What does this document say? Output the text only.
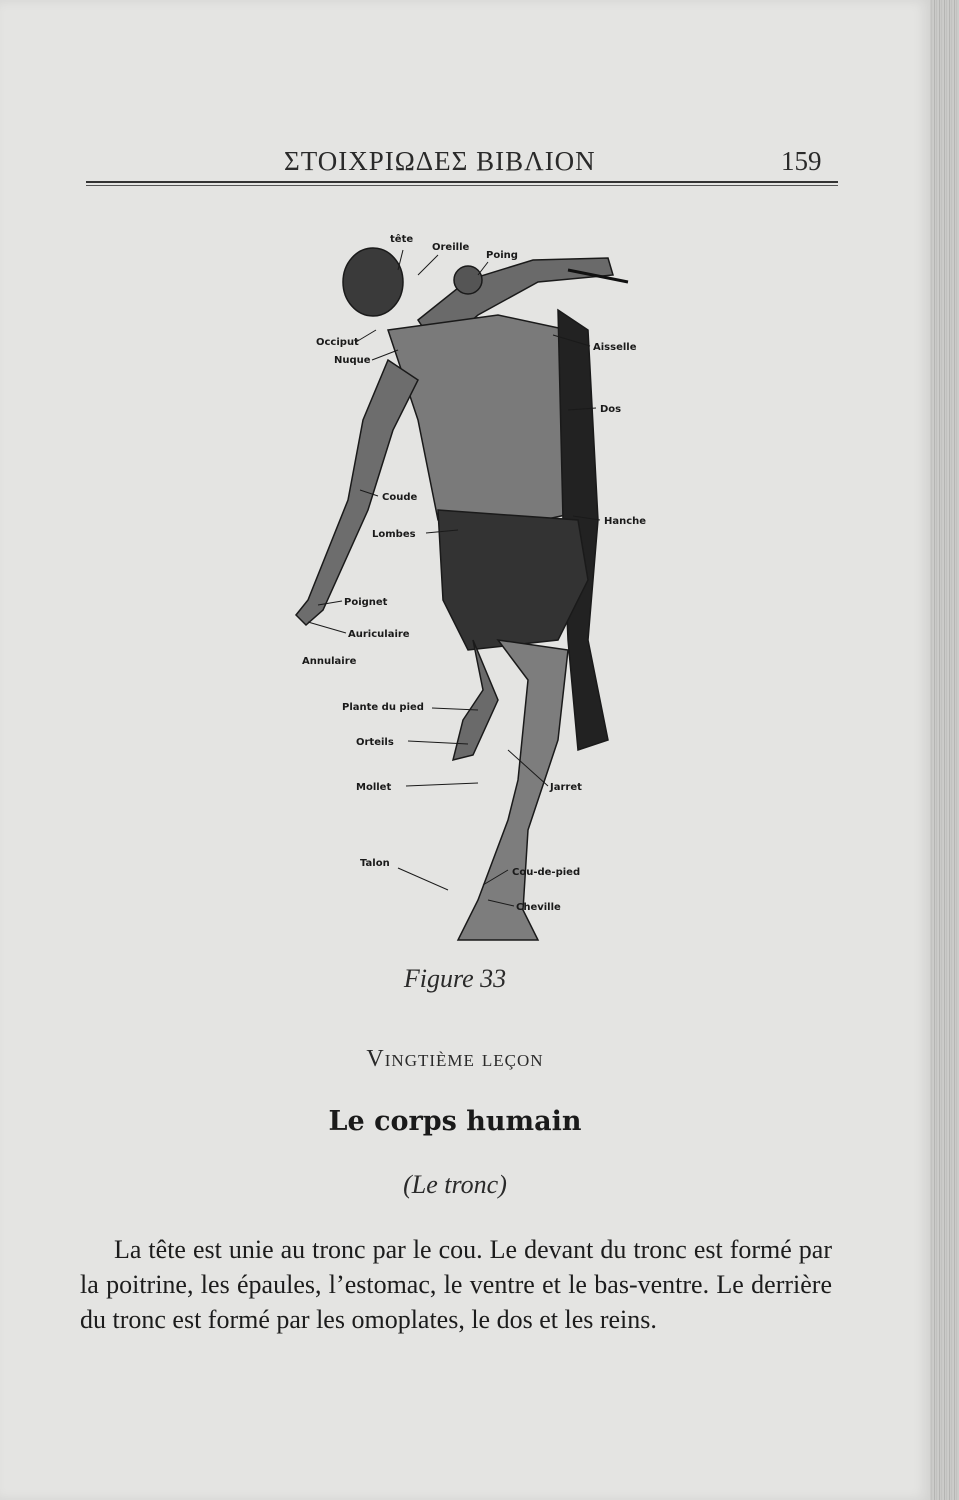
ΣΤΟΙΧΡΙΩΔΕΣ ΒΙΒΛΙΟΝ	159
tête
Oreille
Poing
Occiput
Nuque
Aisselle
Dos
Coude
Hanche
Lombes
Poignet
Auriculaire
Annulaire
Plante du pied
Orteils
Mollet	Jarret
Talon
Cou-de-pied
Cheville
Figure 33
Vingtième leçon
Le corps humain
(Le tronc)

La tête est unie au tronc par le cou. Le devant du tronc est formé par la poitrine, les épaules, l’estomac, le ventre et le bas-ventre. Le derrière du tronc est formé par les omoplates, le dos et les reins.
